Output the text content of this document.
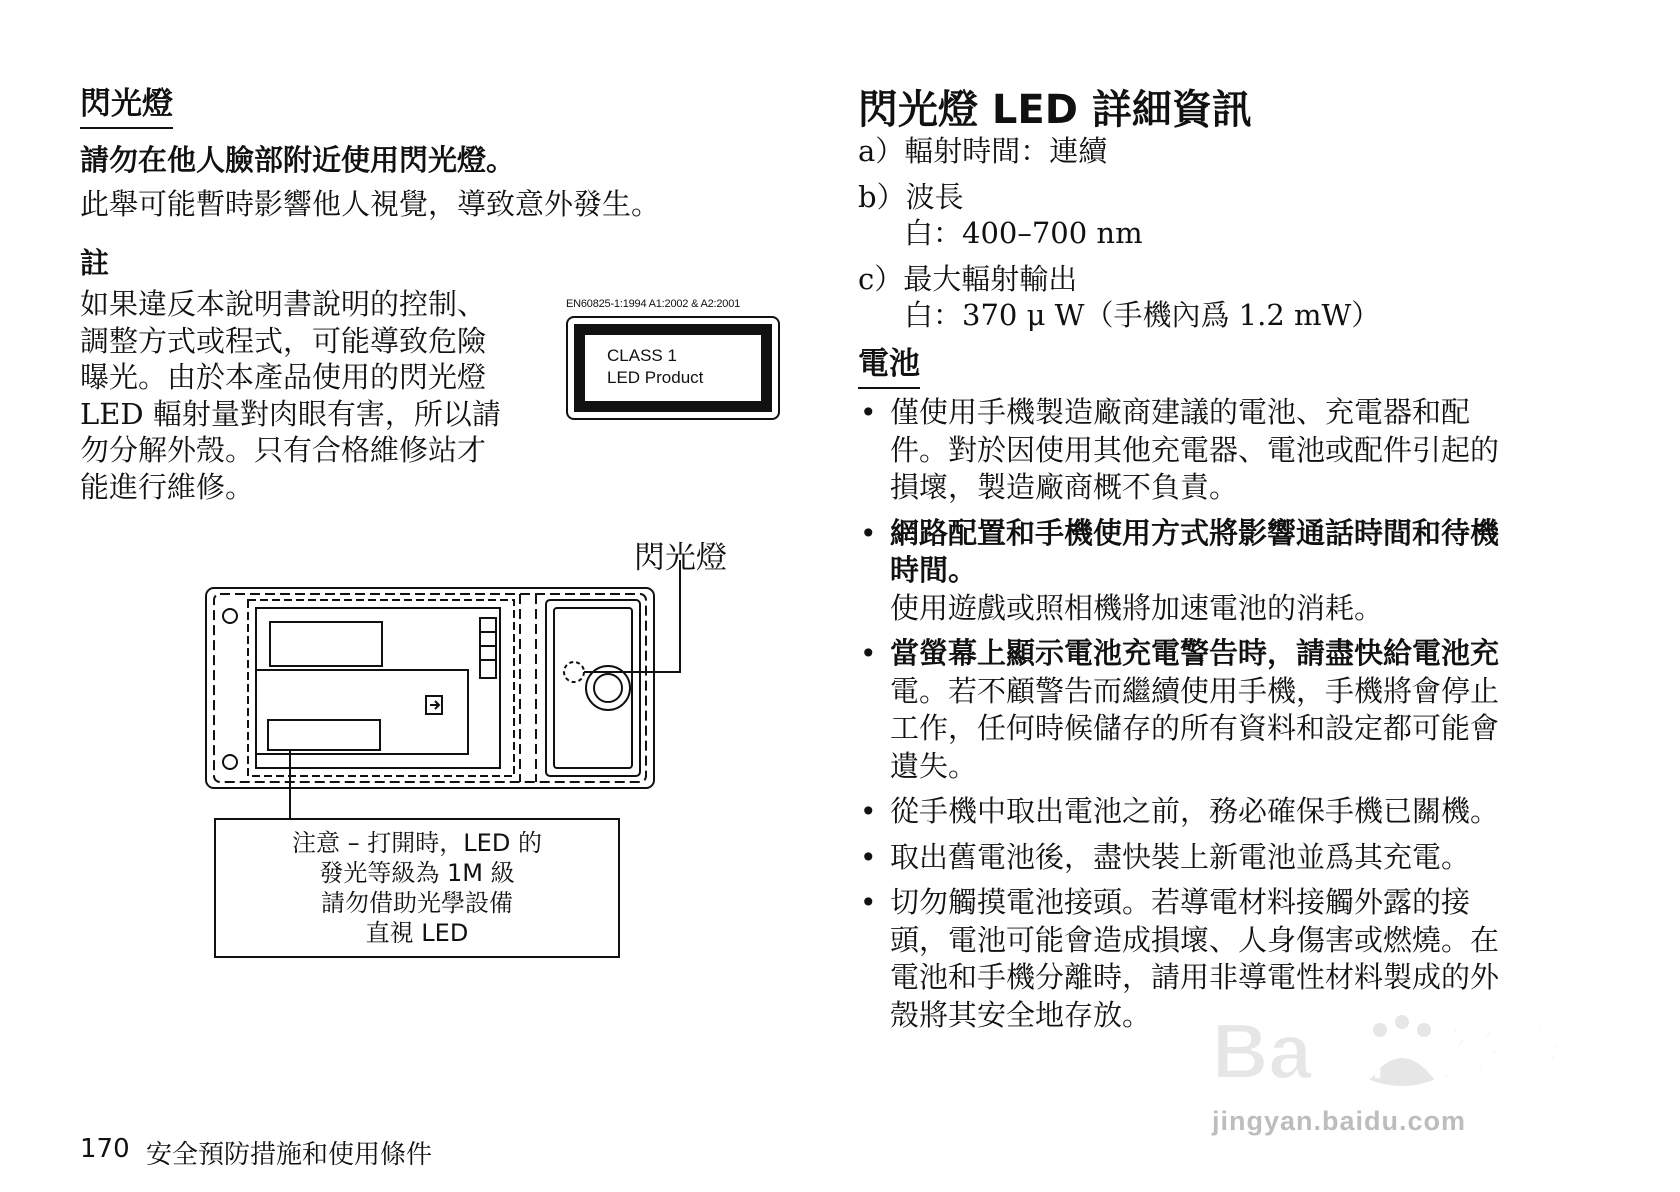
閃光燈
請勿在他人臉部附近使用閃光燈。
此舉可能暫時影響他人視覺，導致意外發生。
註

如果違反本說明書說明的控制、
調整方式或程式，可能導致危險
曝光。由於本產品使用的閃光燈
LED 輻射量對肉眼有害，所以請
勿分解外殼。只有合格維修站才
能進行維修。

EN60825-1:1994 A1:2002 & A2:2001
CLASS 1
LED Product
閃光燈
注意 – 打開時，LED 的
發光等級為 1M 級
請勿借助光學設備
直視 LED
170 安全預防措施和使用條件
閃光燈 LED 詳細資訊
a）輻射時間：連續
b）波長
白：400–700 nm
c）最大輻射輸出
白：370 μ W（手機內爲 1.2 mW）
電池
• 僅使用手機製造廠商建議的電池、充電器和配
件。對於因使用其他充電器、電池或配件引起的
損壞，製造廠商概不負責。
• 網路配置和手機使用方式將影響通話時間和待機
時間。
使用遊戲或照相機將加速電池的消耗。
• 當螢幕上顯示電池充電警告時，請盡快給電池充
電。若不顧警告而繼續使用手機，手機將會停止
工作，任何時候儲存的所有資料和設定都可能會
遺失。
• 從手機中取出電池之前，務必確保手機已關機。
• 取出舊電池後，盡快裝上新電池並爲其充電。
• 切勿觸摸電池接頭。若導電材料接觸外露的接
頭，電池可能會造成損壞、人身傷害或燃燒。在
電池和手機分離時，請用非導電性材料製成的外
殼將其安全地存放。 Ba 经验
du
jingyan.baidu.com
